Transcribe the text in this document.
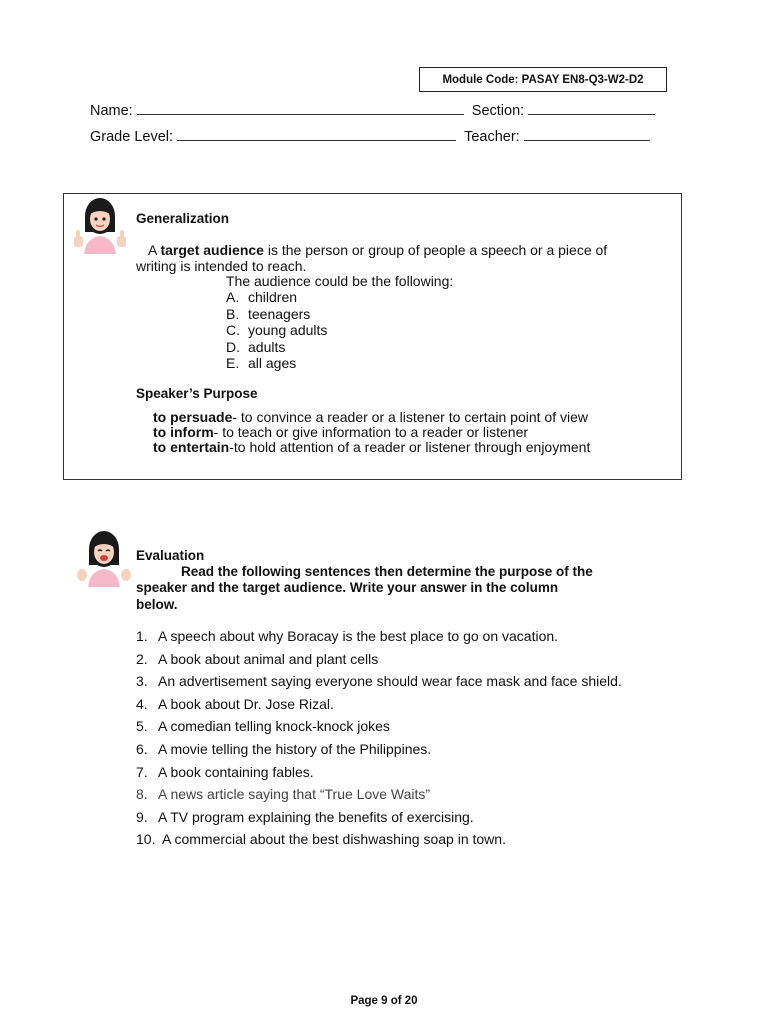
Module Code: PASAY EN8-Q3-W2-D2
Name:	Section:
Grade Level:	Teacher:
Generalization
A target audience is the person or group of people a speech or a piece of
writing is intended to reach.
The audience could be the following:
A. children
B. teenagers
C. young adults
D. adults
E. all ages
Speaker’s Purpose
to persuade- to convince a reader or a listener to certain point of view
to inform- to teach or give information to a reader or listener
to entertain-to hold attention of a reader or listener through enjoyment
Evaluation
Read the following sentences then determine the purpose of the
speaker and the target audience. Write your answer in the column
below.
1. A speech about why Boracay is the best place to go on vacation.
2. A book about animal and plant cells
3. An advertisement saying everyone should wear face mask and face shield.
4. A book about Dr. Jose Rizal.
5. A comedian telling knock-knock jokes
6. A movie telling the history of the Philippines.
7. A book containing fables.
8. A news article saying that “True Love Waits”
9. A TV program explaining the benefits of exercising.
10. A commercial about the best dishwashing soap in town.
Page 9 of 20
